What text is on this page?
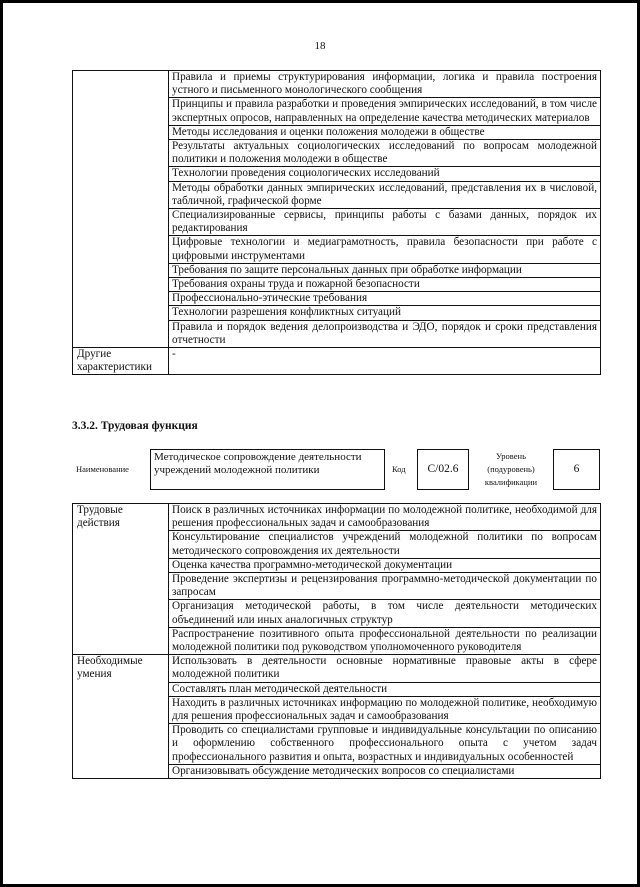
18
	Правила и приемы структурирования информации, логика и правила построения устного и письменного монологического сообщения
	Принципы и правила разработки и проведения эмпирических исследований, в том числе экспертных опросов, направленных на определение качества методических материалов
	Методы исследования и оценки положения молодежи в обществе
	Результаты актуальных социологических исследований по вопросам молодежной политики и положения молодежи в обществе
	Технологии проведения социологических исследований
	Методы обработки данных эмпирических исследований, представления их в числовой, табличной, графической форме
	Специализированные сервисы, принципы работы с базами данных, порядок их редактирования
	Цифровые технологии и медиаграмотность, правила безопасности при работе с цифровыми инструментами
	Требования по защите персональных данных при обработке информации
	Требования охраны труда и пожарной безопасности
	Профессионально-этические требования
	Технологии разрешения конфликтных ситуаций
	Правила и порядок ведения делопроизводства и ЭДО, порядок и сроки представления отчетности
Другие характеристики	-
3.3.2. Трудовая функция
Наименование
Методическое сопровождение деятельности учреждений молодежной политики	Код	C/02.6
Уровень (подуровень) квалификации
6
Трудовые действия	Поиск в различных источниках информации по молодежной политике, необходимой для решения профессиональных задач и самообразования
	Консультирование специалистов учреждений молодежной политики по вопросам методического сопровождения их деятельности
	Оценка качества программно-методической документации
	Проведение экспертизы и рецензирования программно-методической документации по запросам
	Организация методической работы, в том числе деятельности методических объединений или иных аналогичных структур
	Распространение позитивного опыта профессиональной деятельности по реализации молодежной политики под руководством уполномоченного руководителя
Необходимые умения	Использовать в деятельности основные нормативные правовые акты в сфере молодежной политики
	Составлять план методической деятельности
	Находить в различных источниках информацию по молодежной политике, необходимую для решения профессиональных задач и самообразования
	Проводить со специалистами групповые и индивидуальные консультации по описанию и оформлению собственного профессионального опыта с учетом задач профессионального развития и опыта, возрастных и индивидуальных особенностей
	Организовывать обсуждение методических вопросов со специалистами
